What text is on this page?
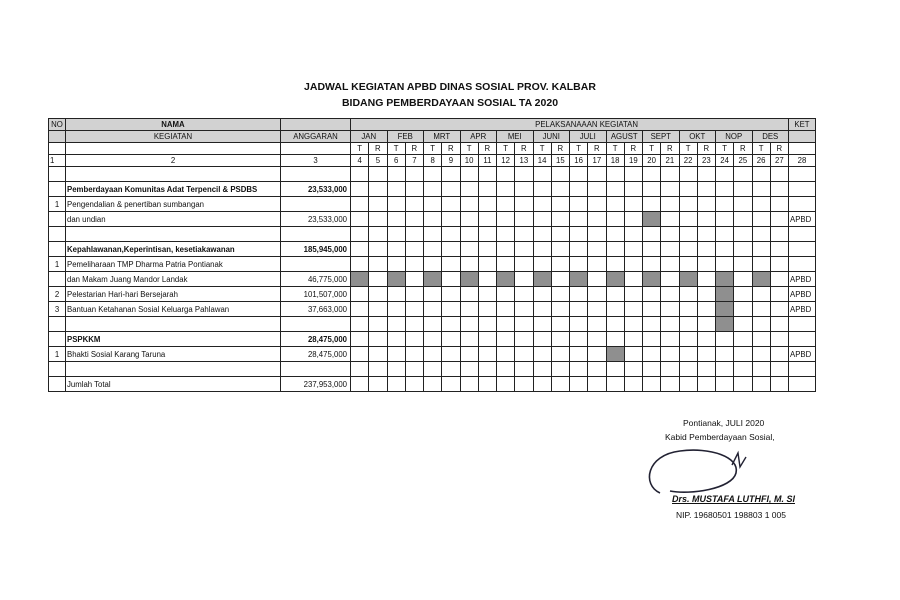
JADWAL KEGIATAN APBD DINAS SOSIAL PROV. KALBAR
BIDANG PEMBERDAYAAN SOSIAL TA 2020
NO	NAMA		PELAKSANAAAN KEGIATAN																								KET
	KEGIATAN	ANGGARAN	JAN		FEB		MRT		APR		MEI		JUNI		JULI		AGUST		SEPT		OKT		NOP		DES		
			T	R	T	R	T	R	T	R	T	R	T	R	T	R	T	R	T	R	T	R	T	R	T	R	
1	2	3	4	5	6	7	8	9	10	11	12	13	14	15	16	17	18	19	20	21	22	23	24	25	26	27	28

	Pemberdayaan Komunitas Adat Terpencil & PSDBS	23,533,000																									
1	Pengendalian & penertiban sumbangan																										
	dan undian	23,533,000																									APBD

	Kepahlawanan,Keperintisan, kesetiakawanan	185,945,000																									
1	Pemeliharaan TMP Dharma Patria Pontianak																										
	dan Makam Juang Mandor Landak	46,775,000																									APBD
2	Pelestarian Hari-hari Bersejarah	101,507,000																									APBD
3	Bantuan Ketahanan Sosial Keluarga Pahlawan	37,663,000																									APBD

	PSPKKM	28,475,000																									
1	Bhakti Sosial Karang Taruna	28,475,000																									APBD

	Jumlah Total	237,953,000																									
Pontianak, JULI 2020
Kabid Pemberdayaan Sosial,
Drs. MUSTAFA LUTHFI, M. SI
NIP. 19680501 198803 1 005
